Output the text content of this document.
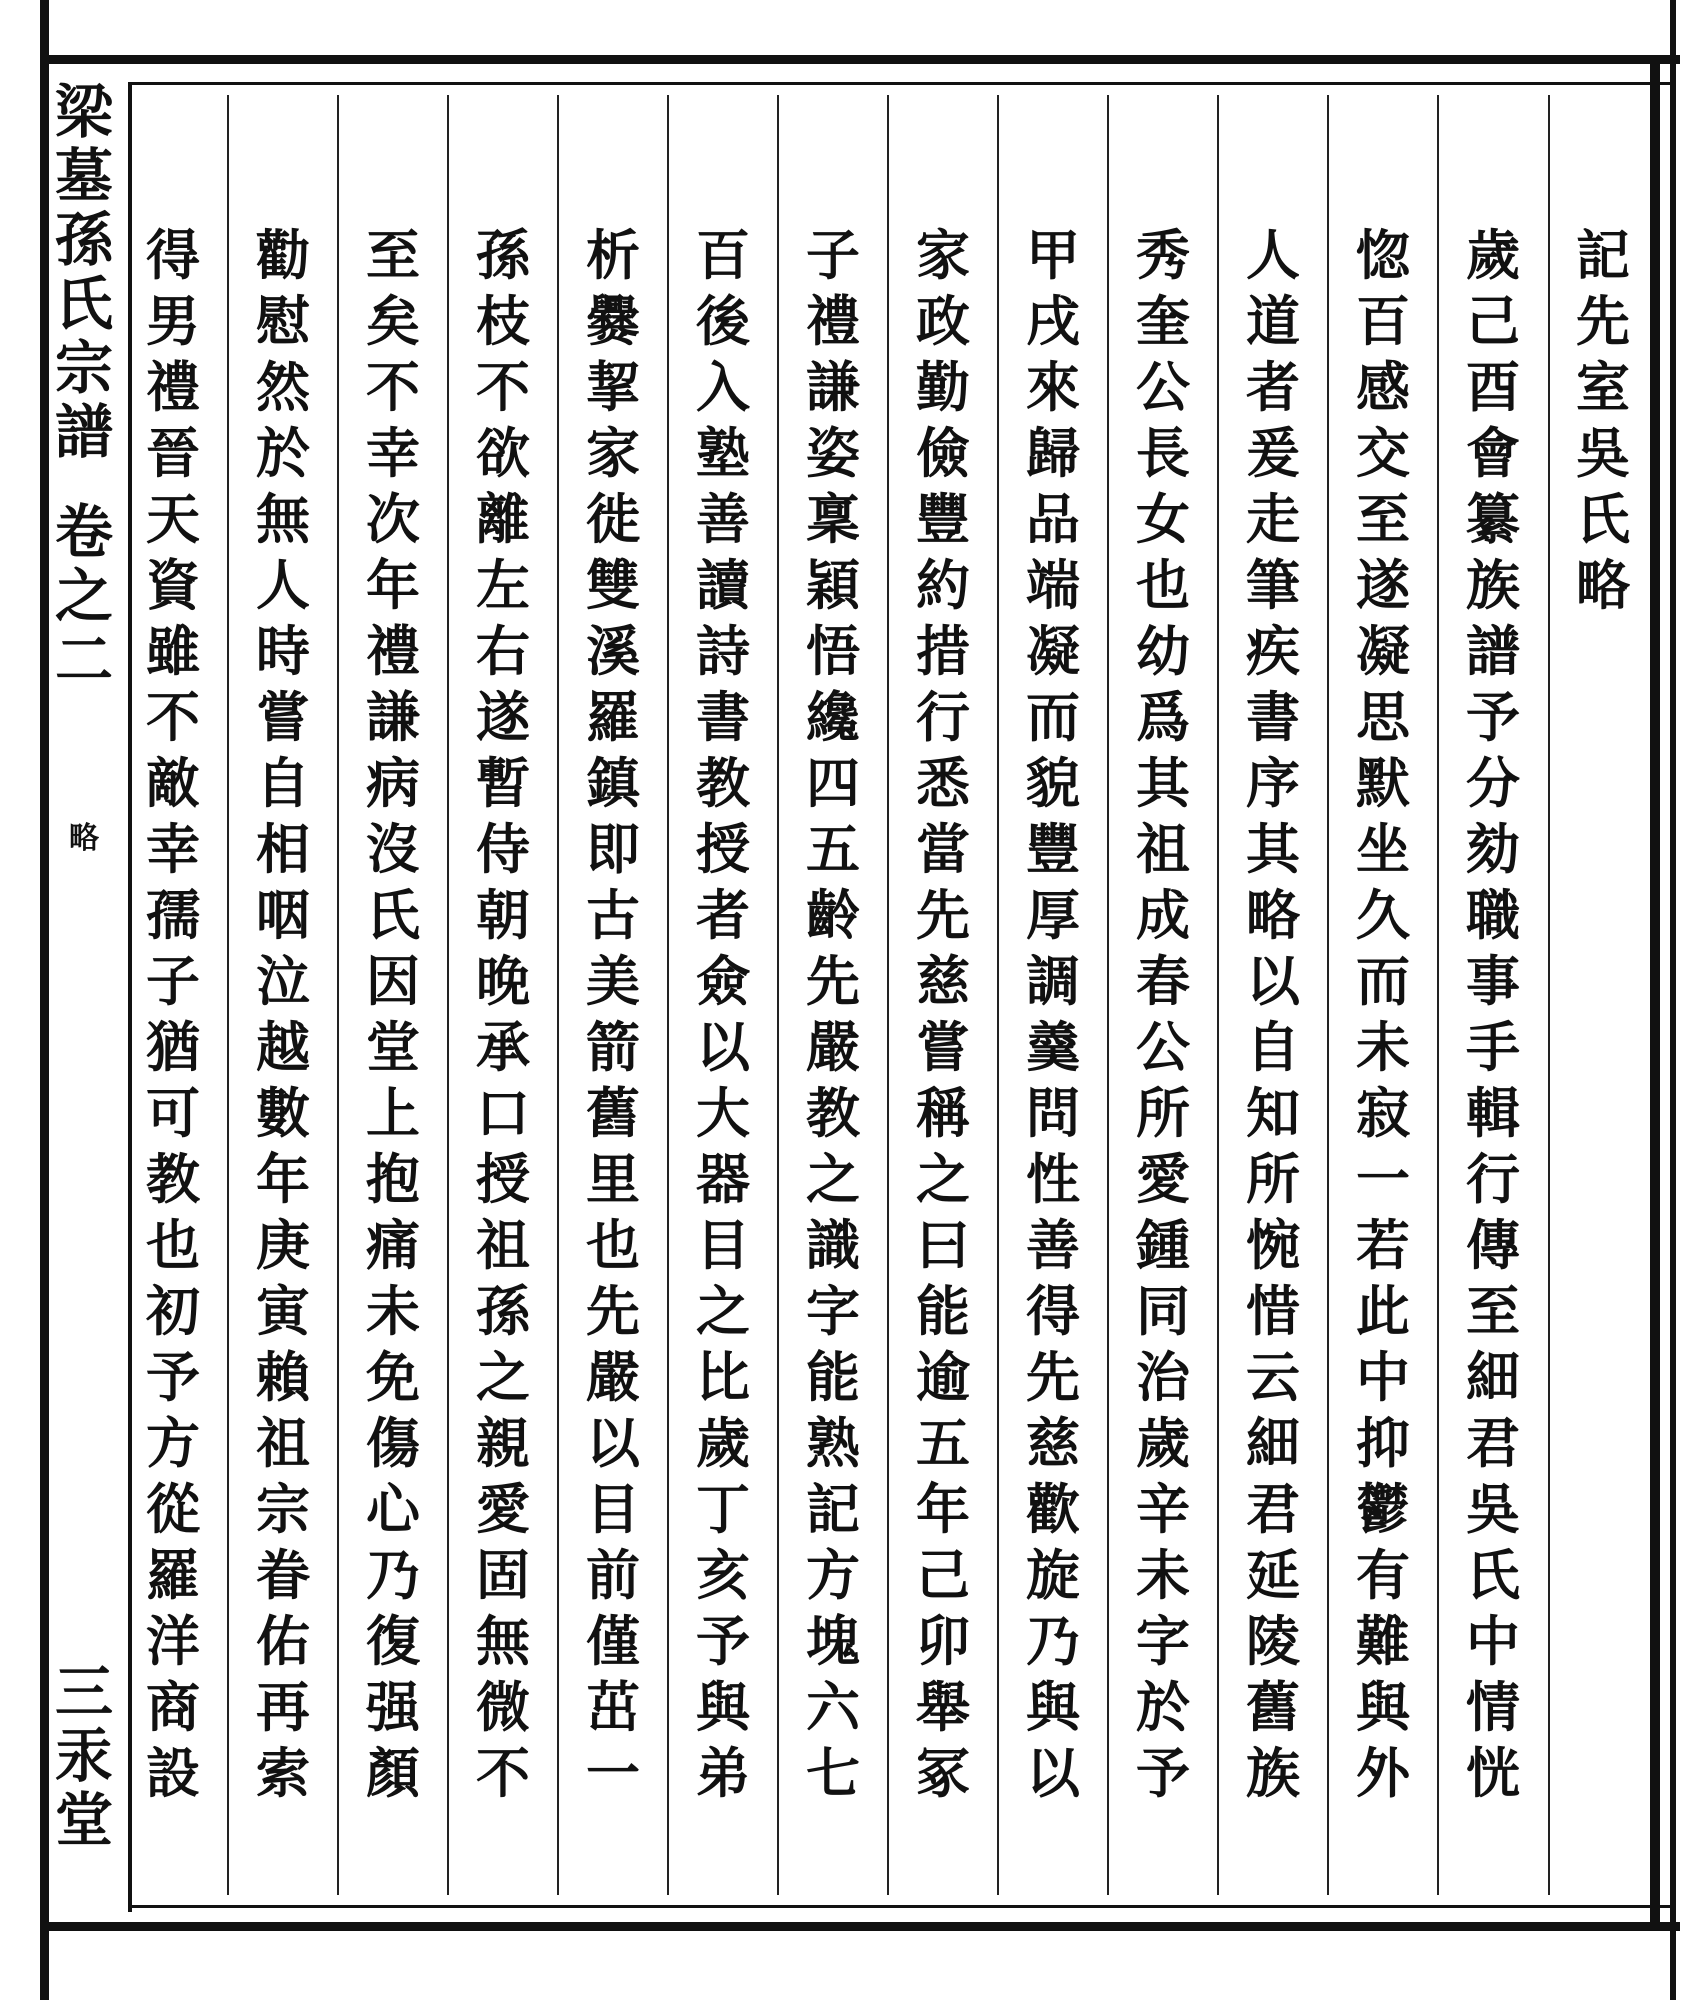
梁
墓
孫
氏
宗
譜
卷
之
二
略
三
汞
堂
記
先
室
吳
氏
略
歲
己
酉
會
纂
族
譜
予
分
劾
職
事
手
輯
行
傳
至
細
君
吳
氏
中
情
恍
惚
百
感
交
至
遂
凝
思
默
坐
久
而
未
寂
一
若
此
中
抑
鬱
有
難
與
外
人
道
者
爰
走
筆
疾
書
序
其
略
以
自
知
所
惋
惜
云
細
君
延
陵
舊
族
秀
奎
公
長
女
也
幼
爲
其
祖
成
春
公
所
愛
鍾
同
治
歲
辛
未
字
於
予
甲
戌
來
歸
品
端
凝
而
貌
豐
厚
調
羹
問
性
善
得
先
慈
歡
旋
乃
與
以
家
政
勤
儉
豐
約
措
行
悉
當
先
慈
嘗
稱
之
曰
能
逾
五
年
己
卯
舉
冢
子
禮
謙
姿
稟
穎
悟
纔
四
五
齡
先
嚴
教
之
識
字
能
熟
記
方
塊
六
七
百
後
入
塾
善
讀
詩
書
教
授
者
僉
以
大
器
目
之
比
歲
丁
亥
予
與
弟
析
爨
挈
家
徙
雙
溪
羅
鎮
即
古
美
箭
舊
里
也
先
嚴
以
目
前
僅
茁
一
孫
枝
不
欲
離
左
右
遂
暫
侍
朝
晚
承
口
授
祖
孫
之
親
愛
固
無
微
不
至
矣
不
幸
次
年
禮
謙
病
沒
氏
因
堂
上
抱
痛
未
免
傷
心
乃
復
强
顏
勸
慰
然
於
無
人
時
嘗
自
相
咽
泣
越
數
年
庚
寅
賴
祖
宗
眷
佑
再
索
得
男
禮
晉
天
資
雖
不
敵
幸
孺
子
猶
可
教
也
初
予
方
從
羅
洋
商
設
